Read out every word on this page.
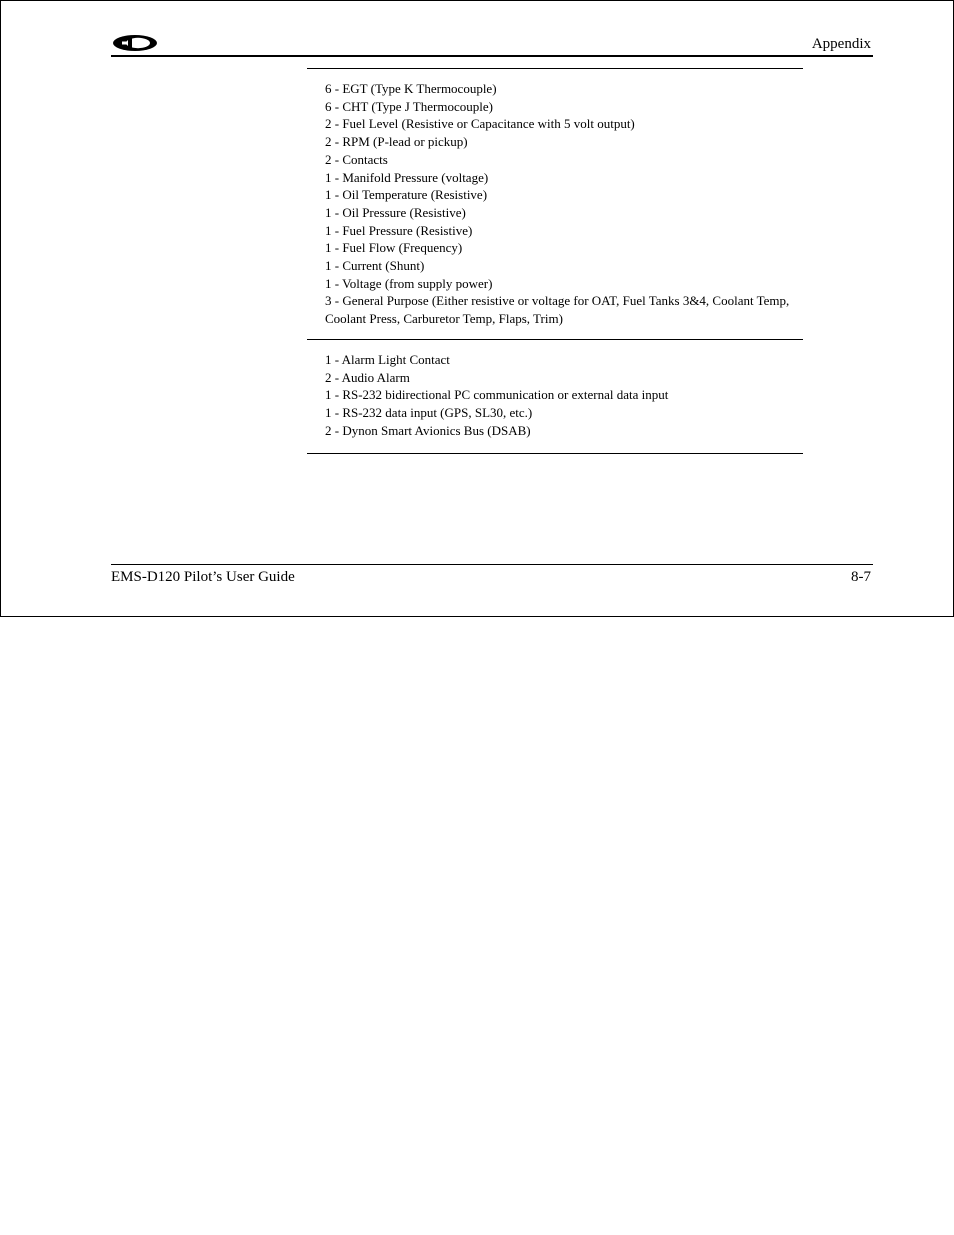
Appendix
6 - EGT (Type K Thermocouple)
6 - CHT (Type J Thermocouple)
2 - Fuel Level (Resistive or Capacitance with 5 volt output)
2 - RPM (P-lead or pickup)
2 - Contacts
1 - Manifold Pressure (voltage)
1 - Oil Temperature (Resistive)
1 - Oil Pressure (Resistive)
1 - Fuel Pressure (Resistive)
1 - Fuel Flow (Frequency)
1 - Current (Shunt)
1 - Voltage (from supply power)
3 - General Purpose (Either resistive or voltage for OAT, Fuel Tanks 3&4, Coolant Temp, Coolant Press, Carburetor Temp, Flaps, Trim)
1 - Alarm Light Contact
2 - Audio Alarm
1 - RS-232 bidirectional PC communication or external data input
1 - RS-232 data input (GPS, SL30, etc.)
2 - Dynon Smart Avionics Bus (DSAB)
EMS-D120 Pilot’s User Guide	8-7
